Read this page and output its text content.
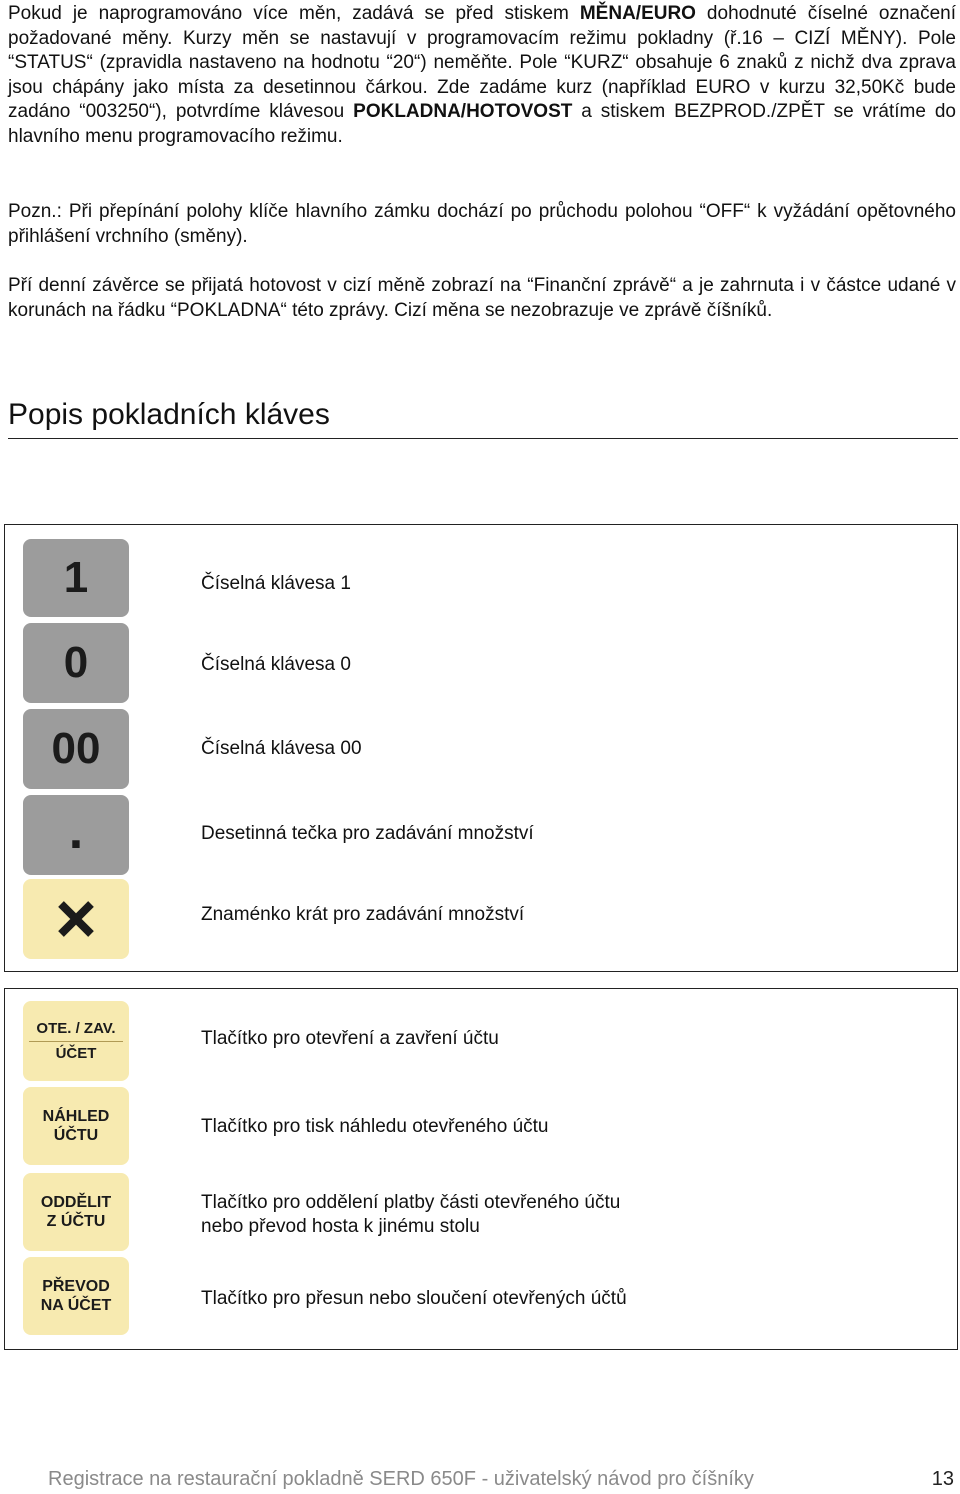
Pokud je naprogramováno více měn, zadává se před stiskem MĚNA/EURO dohodnuté číselné označení požadované měny. Kurzy měn se nastavují v programovacím režimu pokladny (ř.16 – CIZÍ MĚNY). Pole “STATUS“ (zpravidla nastaveno na hodnotu “20“) neměňte. Pole “KURZ“ obsahuje 6 znaků z nichž dva zprava jsou chápány jako místa za desetinnou čárkou. Zde zadáme kurz (například EURO v kurzu 32,50Kč bude zadáno “003250“), potvrdíme klávesou POKLADNA/HOTOVOST a stiskem BEZPROD./ZPĚT se vrátíme do hlavního menu programovacího režimu.

Pozn.: Při přepínání polohy klíče hlavního zámku dochází po průchodu polohou “OFF“ k vyžádání opětovného přihlášení vrchního (směny).

Pří denní závěrce se přijatá hotovost v cizí měně zobrazí na “Finanční zprávě“ a je zahrnuta i v částce udané v korunách na řádku “POKLADNA“ této zprávy. Cizí měna se nezobrazuje ve zprávě číšníků.

Popis pokladních kláves
1
0
00
.
Číselná klávesa 1
Číselná klávesa 0
Číselná klávesa 00
Desetinná tečka pro zadávání množství
Znaménko krát pro zadávání množství
OTE. / ZAV.
ÚČET
NÁHLED
ÚČTU
ODDĚLIT
Z ÚČTU
PŘEVOD
NA ÚČET
Tlačítko pro otevření a zavření účtu
Tlačítko pro tisk náhledu otevřeného účtu
Tlačítko pro oddělení platby části otevřeného účtu
nebo převod hosta k jinému stolu
Tlačítko pro přesun nebo sloučení otevřených účtů
Registrace na restaurační pokladně SERD 650F - uživatelský návod pro číšníky	13
